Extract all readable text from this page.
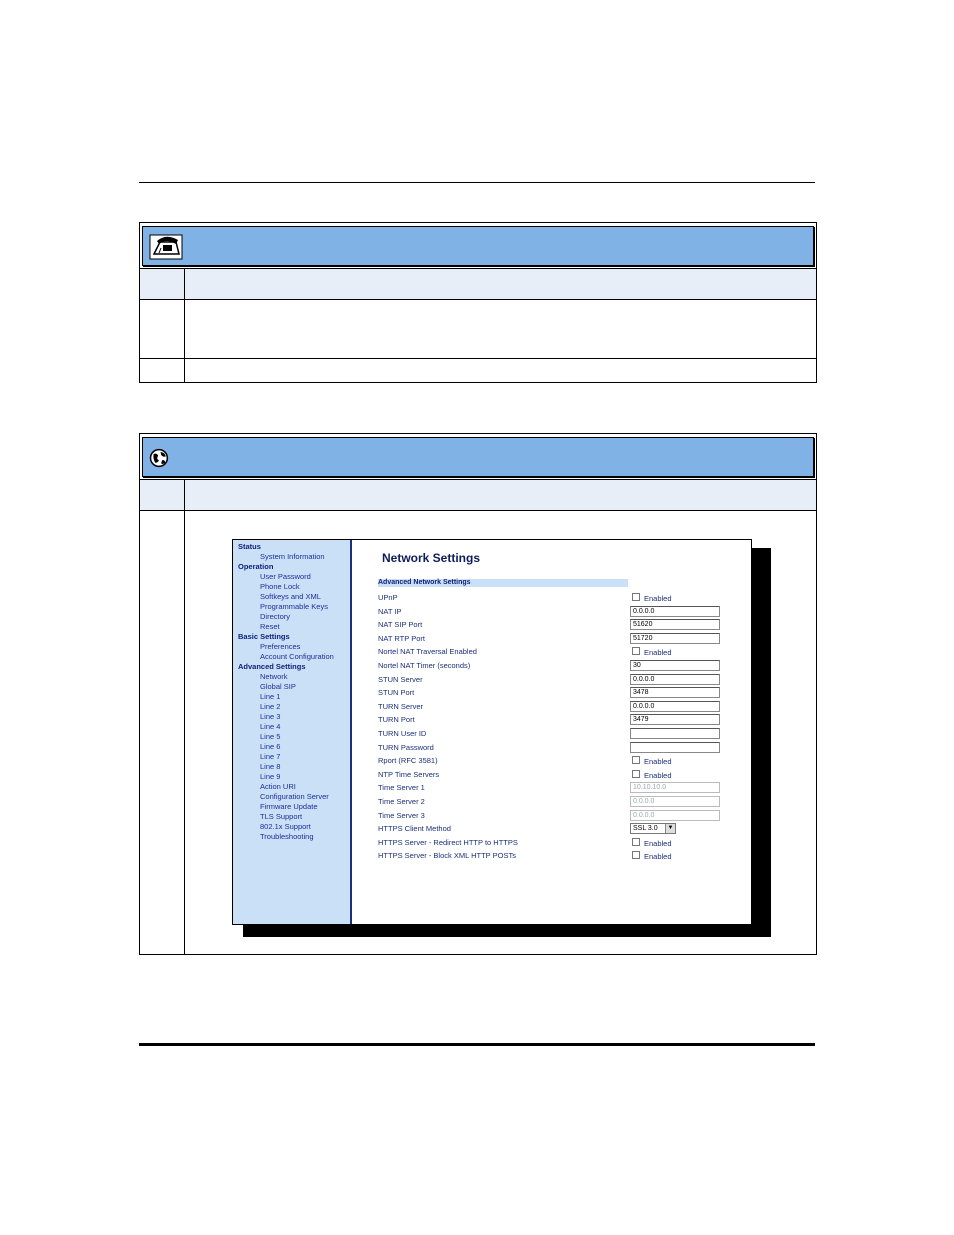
Status
System Information
Operation
User Password
Phone Lock
Softkeys and XML
Programmable Keys
Directory
Reset
Basic Settings
Preferences
Account Configuration
Advanced Settings
Network
Global SIP
Line 1
Line 2
Line 3
Line 4
Line 5
Line 6
Line 7
Line 8
Line 9
Action URI
Configuration Server
Firmware Update
TLS Support
802.1x Support
Troubleshooting
Network Settings
Advanced Network Settings
UPnP	Enabled
NAT IP	0.0.0.0
NAT SIP Port	51620
NAT RTP Port	51720
Nortel NAT Traversal Enabled	Enabled
Nortel NAT Timer (seconds)	30
STUN Server	0.0.0.0
STUN Port	3478
TURN Server	0.0.0.0
TURN Port	3479
TURN User ID
TURN Password
Rport (RFC 3581)	Enabled
NTP Time Servers	Enabled
Time Server 1	10.10.10.0
Time Server 2	0.0.0.0
Time Server 3	0.0.0.0
HTTPS Client Method	SSL 3.0	▼
HTTPS Server - Redirect HTTP to HTTPS	Enabled
HTTPS Server - Block XML HTTP POSTs	Enabled
